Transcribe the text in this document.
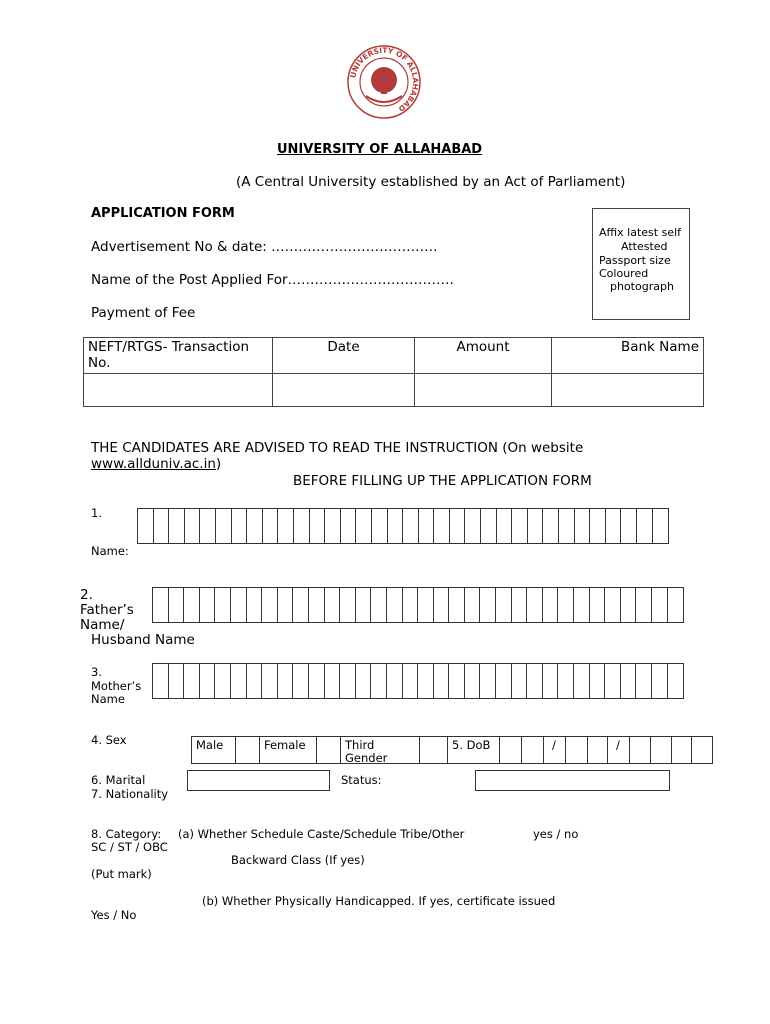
UNIVERSITY OF ALLAHABAD
UNIVERSITY OF ALLAHABAD
(A Central University established by an Act of Parliament)
APPLICATION FORM
Advertisement No & date: ……………………………….
Name of the Post Applied For……………………………….
Payment of Fee
Affix latest self
Attested
Passport size
Coloured
photograph
NEFT/RTGS- Transaction No.	Date	Amount	Bank Name

THE CANDIDATES ARE ADVISED TO READ THE INSTRUCTION (On website
www.allduniv.ac.in)
BEFORE FILLING UP THE APPLICATION FORM
1.
Name:
2.
Father’s
Name/
Husband Name
3.
Mother’s
Name
4. Sex	Male	Female	Third
Gender
5. DoB	/	/
6. Marital
7. Nationality
Status:
8. Category:
SC / ST / OBC
(a) Whether Schedule Caste/Schedule Tribe/Other	yes / no
Backward Class (If yes)
(Put mark)
(b) Whether Physically Handicapped. If yes, certificate issued
Yes / No
